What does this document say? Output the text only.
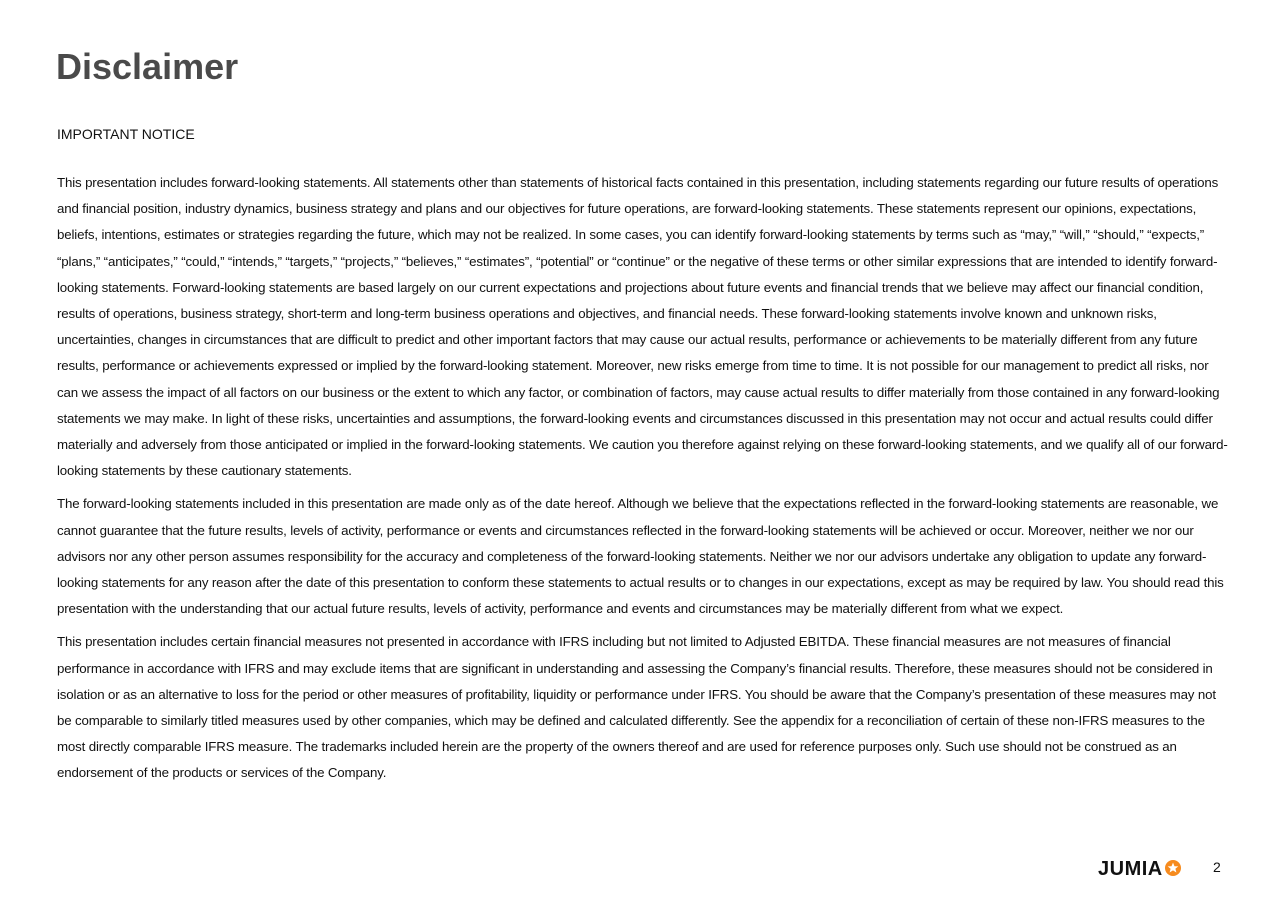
Disclaimer
IMPORTANT NOTICE

This presentation includes forward-looking statements. All statements other than statements of historical facts contained in this presentation, including statements regarding our future results of operations and financial position, industry dynamics, business strategy and plans and our objectives for future operations, are forward-looking statements. These statements represent our opinions, expectations, beliefs, intentions, estimates or strategies regarding the future, which may not be realized. In some cases, you can identify forward-looking statements by terms such as “may,” “will,” “should,” “expects,” “plans,” “anticipates,” “could,” “intends,” “targets,” “projects,” “believes,” “estimates”, “potential” or “continue” or the negative of these terms or other similar expressions that are intended to identify forward-looking statements. Forward-looking statements are based largely on our current expectations and projections about future events and financial trends that we believe may affect our financial condition, results of operations, business strategy, short-term and long-term business operations and objectives, and financial needs. These forward-looking statements involve known and unknown risks, uncertainties, changes in circumstances that are difficult to predict and other important factors that may cause our actual results, performance or achievements to be materially different from any future results, performance or achievements expressed or implied by the forward-looking statement. Moreover, new risks emerge from time to time. It is not possible for our management to predict all risks, nor can we assess the impact of all factors on our business or the extent to which any factor, or combination of factors, may cause actual results to differ materially from those contained in any forward-looking statements we may make. In light of these risks, uncertainties and assumptions, the forward-looking events and circumstances discussed in this presentation may not occur and actual results could differ materially and adversely from those anticipated or implied in the forward-looking statements. We caution you therefore against relying on these forward-looking statements, and we qualify all of our forward-looking statements by these cautionary statements.

The forward-looking statements included in this presentation are made only as of the date hereof. Although we believe that the expectations reflected in the forward-looking statements are reasonable, we cannot guarantee that the future results, levels of activity, performance or events and circumstances reflected in the forward-looking statements will be achieved or occur. Moreover, neither we nor our advisors nor any other person assumes responsibility for the accuracy and completeness of the forward-looking statements. Neither we nor our advisors undertake any obligation to update any forward-looking statements for any reason after the date of this presentation to conform these statements to actual results or to changes in our expectations, except as may be required by law. You should read this presentation with the understanding that our actual future results, levels of activity, performance and events and circumstances may be materially different from what we expect.

This presentation includes certain financial measures not presented in accordance with IFRS including but not limited to Adjusted EBITDA. These financial measures are not measures of financial performance in accordance with IFRS and may exclude items that are significant in understanding and assessing the Company’s financial results. Therefore, these measures should not be considered in isolation or as an alternative to loss for the period or other measures of profitability, liquidity or performance under IFRS. You should be aware that the Company’s presentation of these measures may not be comparable to similarly titled measures used by other companies, which may be defined and calculated differently. See the appendix for a reconciliation of certain of these non-IFRS measures to the most directly comparable IFRS measure. The trademarks included herein are the property of the owners thereof and are used for reference purposes only. Such use should not be construed as an endorsement of the products or services of the Company.

JUMIA	2
